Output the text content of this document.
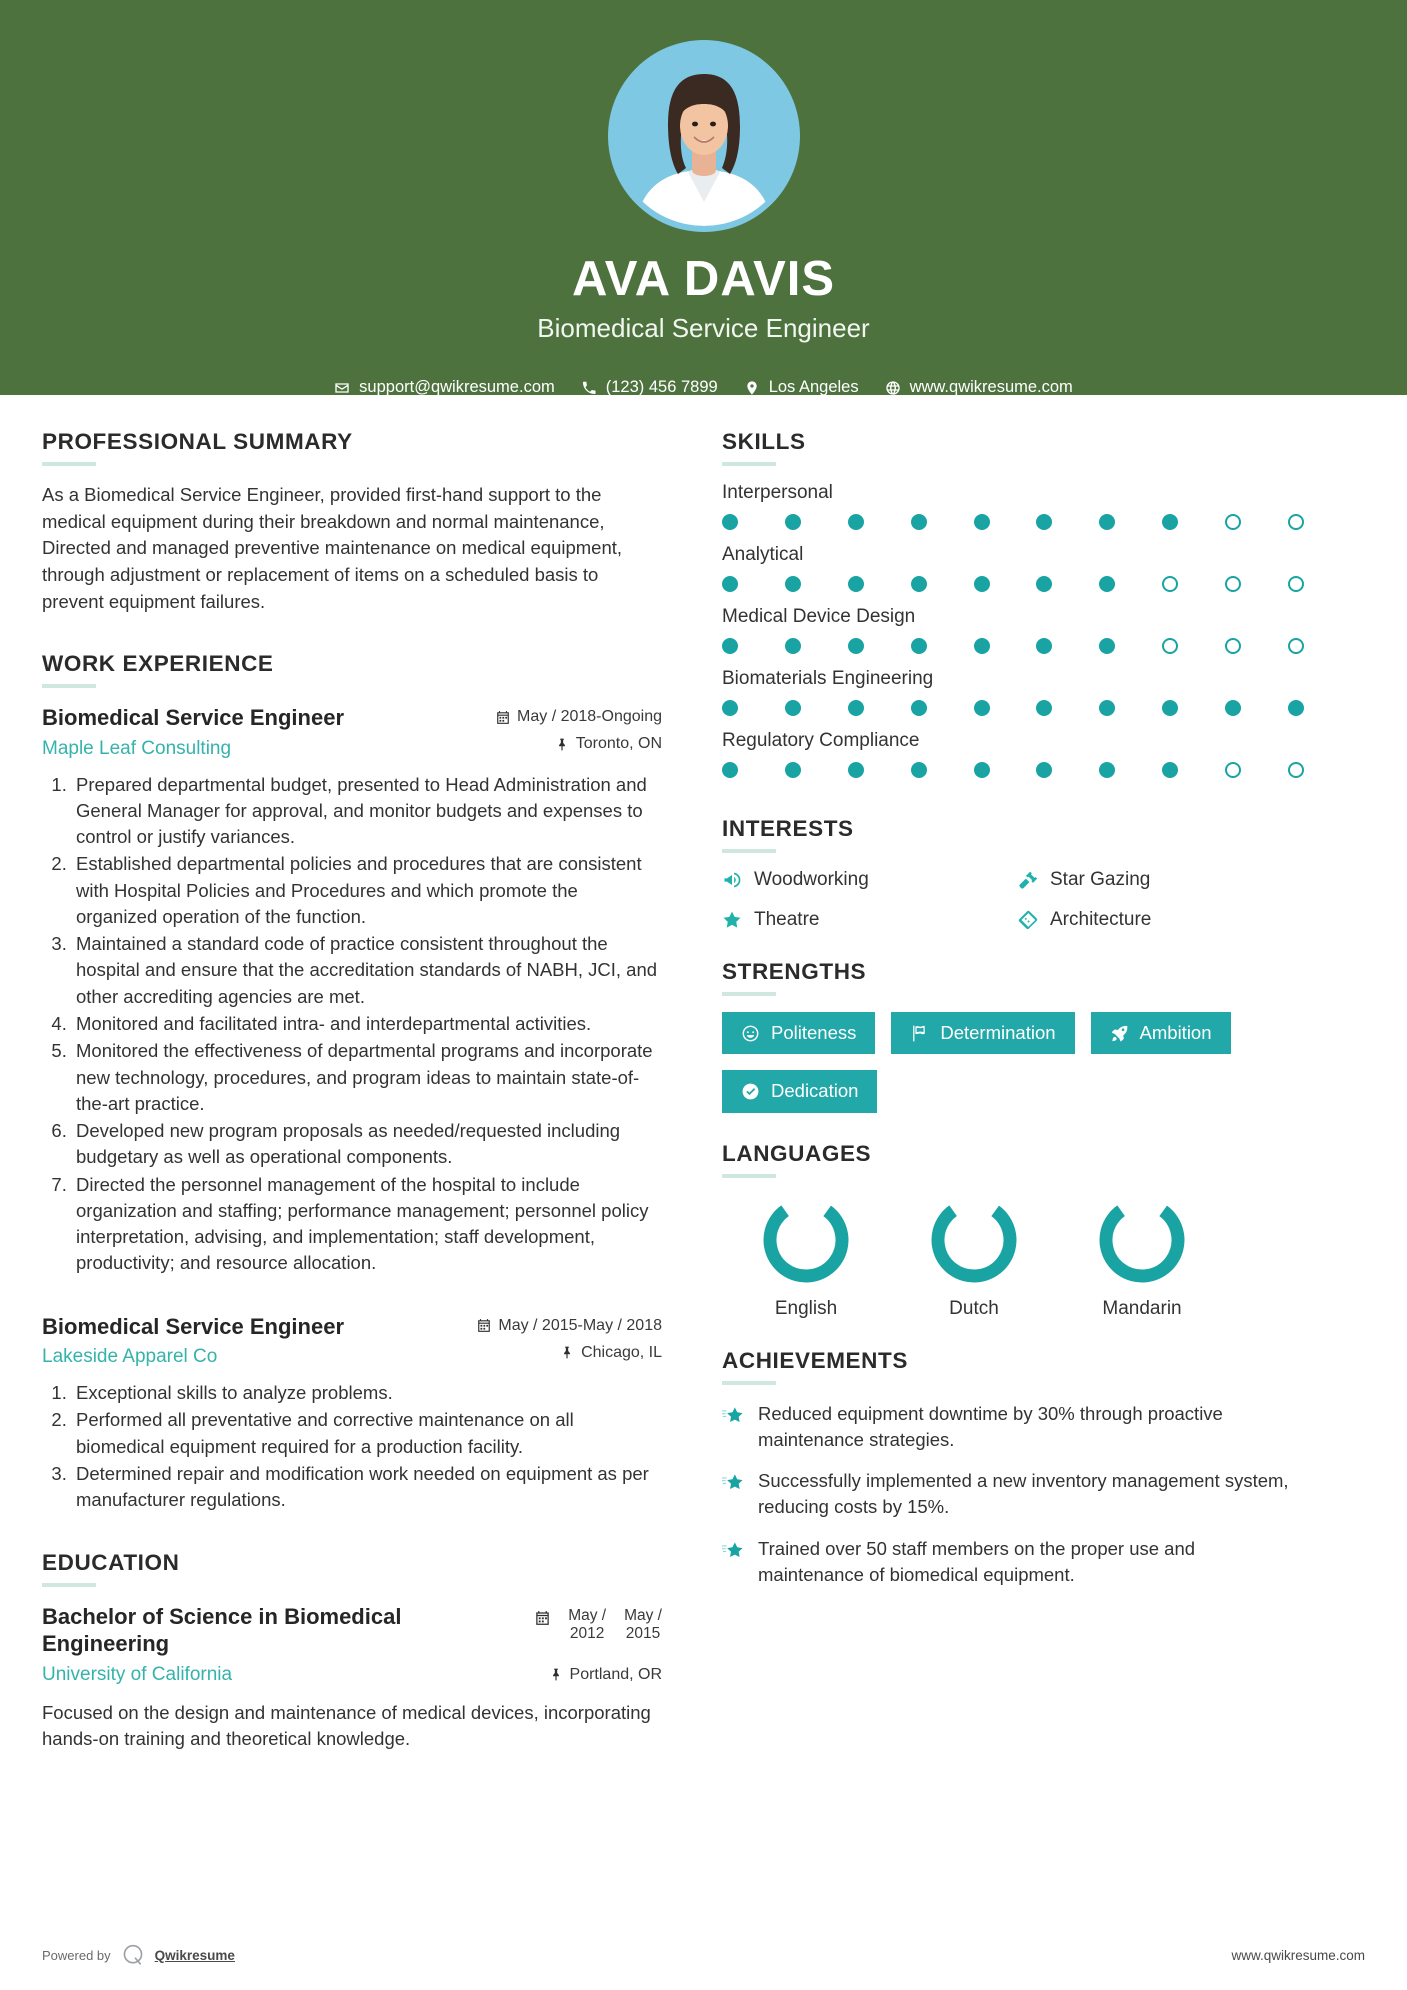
AVA DAVIS
Biomedical Service Engineer
support@qwikresume.com	(123) 456 7899	Los Angeles	www.qwikresume.com
PROFESSIONAL SUMMARY
As a Biomedical Service Engineer, provided first-hand support to the medical equipment during their breakdown and normal maintenance, Directed and managed preventive maintenance on medical equipment, through adjustment or replacement of items on a scheduled basis to prevent equipment failures.
WORK EXPERIENCE
Biomedical Service Engineer
Maple Leaf Consulting
May / 2018-Ongoing
Toronto, ON
1. Prepared departmental budget, presented to Head Administration and General Manager for approval, and monitor budgets and expenses to control or justify variances.
2. Established departmental policies and procedures that are consistent with Hospital Policies and Procedures and which promote the organized operation of the function.
3. Maintained a standard code of practice consistent throughout the hospital and ensure that the accreditation standards of NABH, JCI, and other accrediting agencies are met.
4. Monitored and facilitated intra- and interdepartmental activities.
5. Monitored the effectiveness of departmental programs and incorporate new technology, procedures, and program ideas to maintain state-of-the-art practice.
6. Developed new program proposals as needed/requested including budgetary as well as operational components.
7. Directed the personnel management of the hospital to include organization and staffing; performance management; personnel policy interpretation, advising, and implementation; staff development, productivity; and resource allocation.
Biomedical Service Engineer
Lakeside Apparel Co
May / 2015-May / 2018
Chicago, IL
1. Exceptional skills to analyze problems.
2. Performed all preventative and corrective maintenance on all biomedical equipment required for a production facility.
3. Determined repair and modification work needed on equipment as per manufacturer regulations.
EDUCATION
Bachelor of Science in Biomedical Engineering
University of California
May /
2012
May /
2015
Portland, OR
Focused on the design and maintenance of medical devices, incorporating hands-on training and theoretical knowledge.
SKILLS
Interpersonal
Analytical
Medical Device Design
Biomaterials Engineering
Regulatory Compliance
INTERESTS
Woodworking	Star Gazing
Theatre	Architecture
STRENGTHS
Politeness	Determination	Ambition
Dedication
LANGUAGES
English	Dutch	Mandarin
ACHIEVEMENTS
Reduced equipment downtime by 30% through proactive maintenance strategies.
Successfully implemented a new inventory management system, reducing costs by 15%.
Trained over 50 staff members on the proper use and maintenance of biomedical equipment.
Powered by	Qwikresume	www.qwikresume.com
